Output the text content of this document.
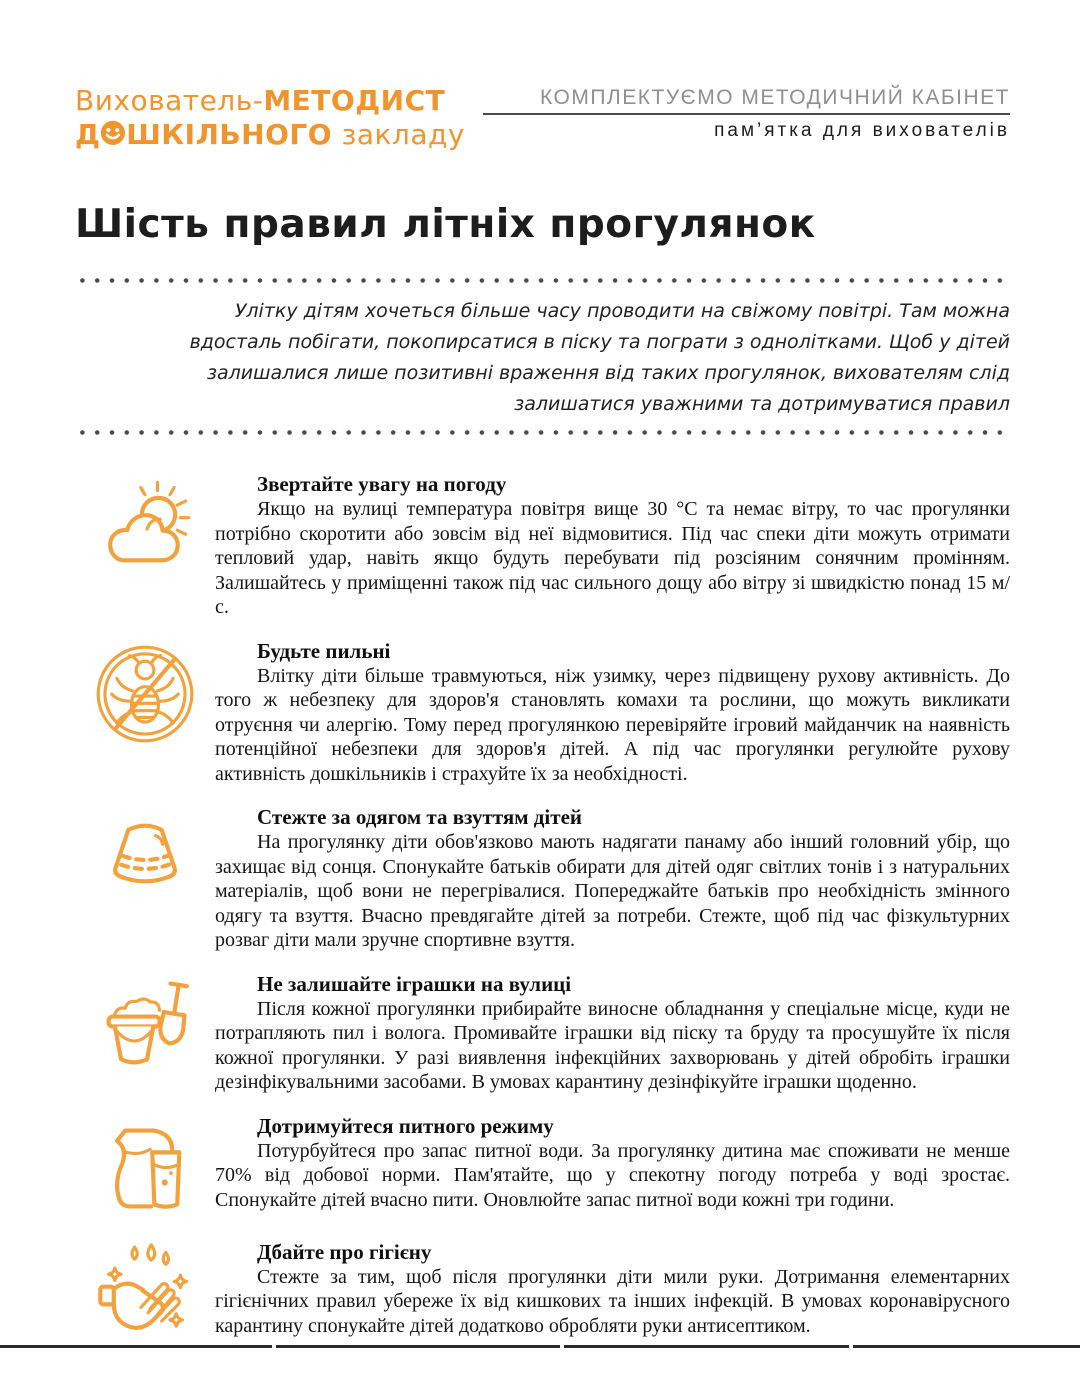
Вихователь-МЕТОДИСТ
Д ШКІЛЬНОГО закладу
КОМПЛЕКТУЄМО МЕТОДИЧНИЙ КАБІНЕТ
пам’ятка для вихователів
Шість правил літніх прогулянок

Улітку дітям хочеться більше часу проводити на свіжому повітрі. Там можна вдосталь побігати, покопирсатися в піску та пограти з однолітками. Щоб у дітей залишалися лише позитивні враження від таких прогулянок, вихователям слід залишатися уважними та дотримуватися правил

Звертайте увагу на погоду

Якщо на вулиці температура повітря вище 30 °С та немає вітру, то час прогулянки потрібно скоротити або зовсім від неї відмовитися. Під час спеки діти можуть отримати тепловий удар, навіть якщо будуть перебувати під розсіяним сонячним промінням. Залишайтесь у приміщенні також під час сильного дощу або вітру зі швидкістю понад 15 м/с.

Будьте пильні

Влітку діти більше травмуються, ніж узимку, через підвищену рухову активність. До того ж небезпеку для здоров'я становлять комахи та рослини, що можуть викликати отруєння чи алергію. Тому перед прогулянкою перевіряйте ігровий майданчик на наявність потенційної небезпеки для здоров'я дітей. А під час прогулянки регулюйте рухову активність дошкільників і страхуйте їх за необхідності.

Стежте за одягом та взуттям дітей

На прогулянку діти обов'язково мають надягати панаму або інший головний убір, що захищає від сонця. Спонукайте батьків обирати для дітей одяг світлих тонів і з натуральних матеріалів, щоб вони не перегрівалися. Попереджайте батьків про необхідність змінного одягу та взуття. Вчасно превдягайте дітей за потреби. Стежте, щоб під час фізкультурних розваг діти мали зручне спортивне взуття.

Не залишайте іграшки на вулиці

Після кожної прогулянки прибирайте виносне обладнання у спеціальне місце, куди не потрапляють пил і волога. Промивайте іграшки від піску та бруду та просушуйте їх після кожної прогулянки. У разі виявлення інфекційних захворювань у дітей обробіть іграшки дезінфікувальними засобами. В умовах карантину дезінфікуйте іграшки щоденно.

Дотримуйтеся питного режиму

Потурбуйтеся про запас питної води. За прогулянку дитина має споживати не менше 70% від добової норми. Пам'ятайте, що у спекотну погоду потреба у воді зростає. Спонукайте дітей вчасно пити. Оновлюйте запас питної води кожні три години.

Дбайте про гігієну

Стежте за тим, щоб після прогулянки діти мили руки. Дотримання елементарних гігієнічних правил убереже їх від кишкових та інших інфекцій. В умовах коронавірусного карантину спонукайте дітей додатково обробляти руки антисептиком.
